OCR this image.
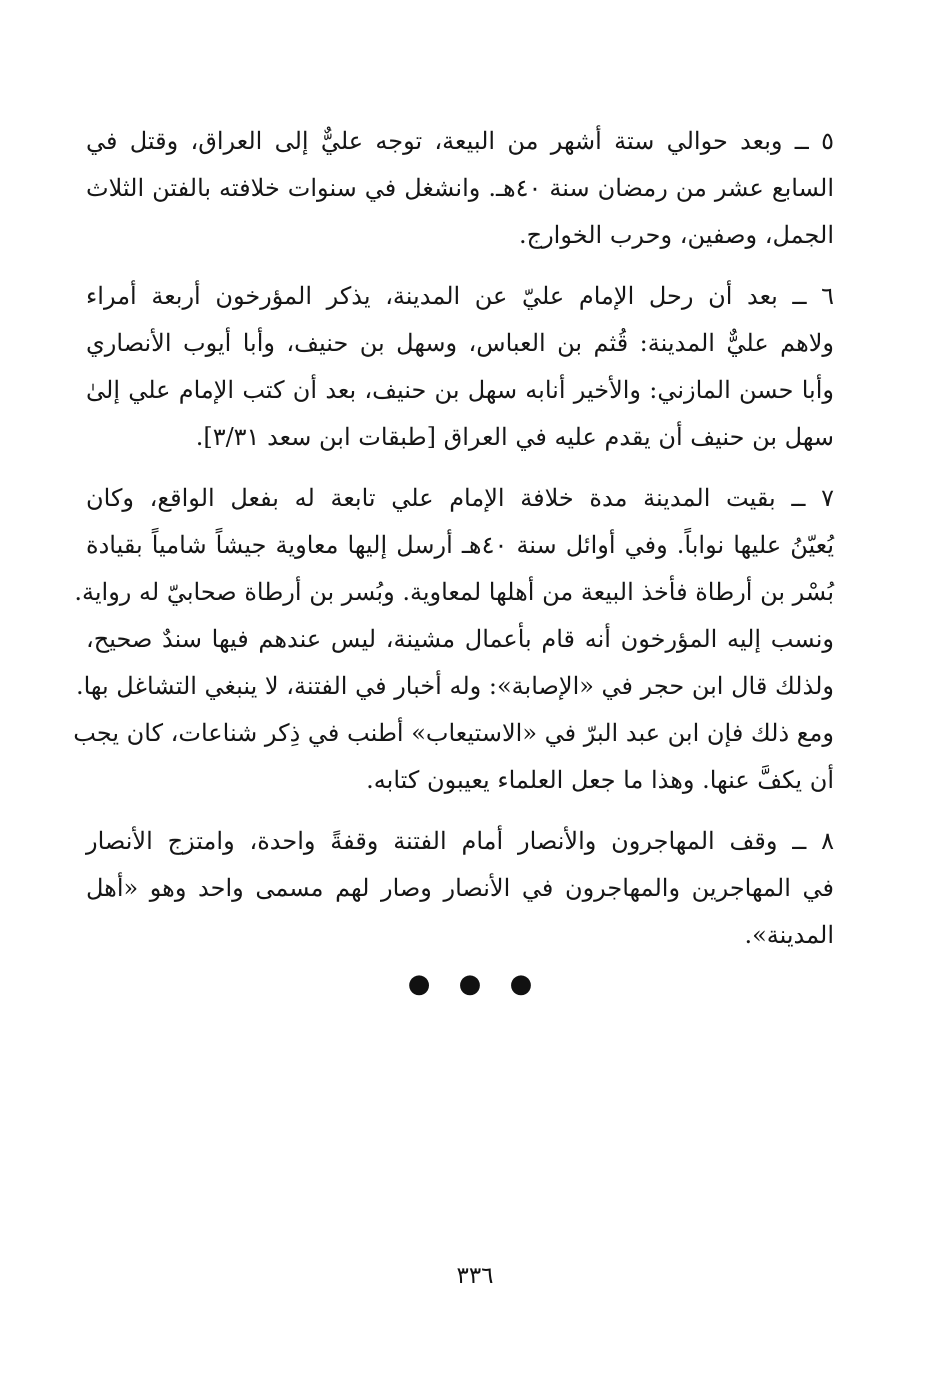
٥ ــ وبعد حوالي ستة أشهر من البيعة، توجه عليٌّ إلى العراق، وقتل في
السابع عشر من رمضان سنة ٤٠هـ. وانشغل في سنوات خلافته بالفتن الثلاث
الجمل، وصفين، وحرب الخوارج.
٦ ــ بعد أن رحل الإمام عليّ عن المدينة، يذكر المؤرخون أربعة أمراء
ولاهم عليٌّ المدينة: قُثم بن العباس، وسهل بن حنيف، وأبا أيوب الأنصاري
وأبا حسن المازني: والأخير أنابه سهل بن حنيف، بعد أن كتب الإمام علي إلىٰ
سهل بن حنيف أن يقدم عليه في العراق [طبقات ابن سعد ٣/٣١].
٧ ــ بقيت المدينة مدة خلافة الإمام علي تابعة له بفعل الواقع، وكان
يُعيّنُ عليها نواباً. وفي أوائل سنة ٤٠هـ أرسل إليها معاوية جيشاً شامياً بقيادة
بُسْر بن أرطاة فأخذ البيعة من أهلها لمعاوية. وبُسر بن أرطاة صحابيّ له رواية.
ونسب إليه المؤرخون أنه قام بأعمال مشينة، ليس عندهم فيها سندٌ صحيح،
ولذلك قال ابن حجر في «الإصابة»: وله أخبار في الفتنة، لا ينبغي التشاغل بها.
ومع ذلك فإن ابن عبد البرّ في «الاستيعاب» أطنب في ذِكر شناعات، كان يجب
أن يكفَّ عنها. وهذا ما جعل العلماء يعيبون كتابه.
٨ ــ وقف المهاجرون والأنصار أمام الفتنة وقفةً واحدة، وامتزج الأنصار
في المهاجرين والمهاجرون في الأنصار وصار لهم مسمى واحد وهو «أهل
المدينة».
● ● ●
٣٣٦
